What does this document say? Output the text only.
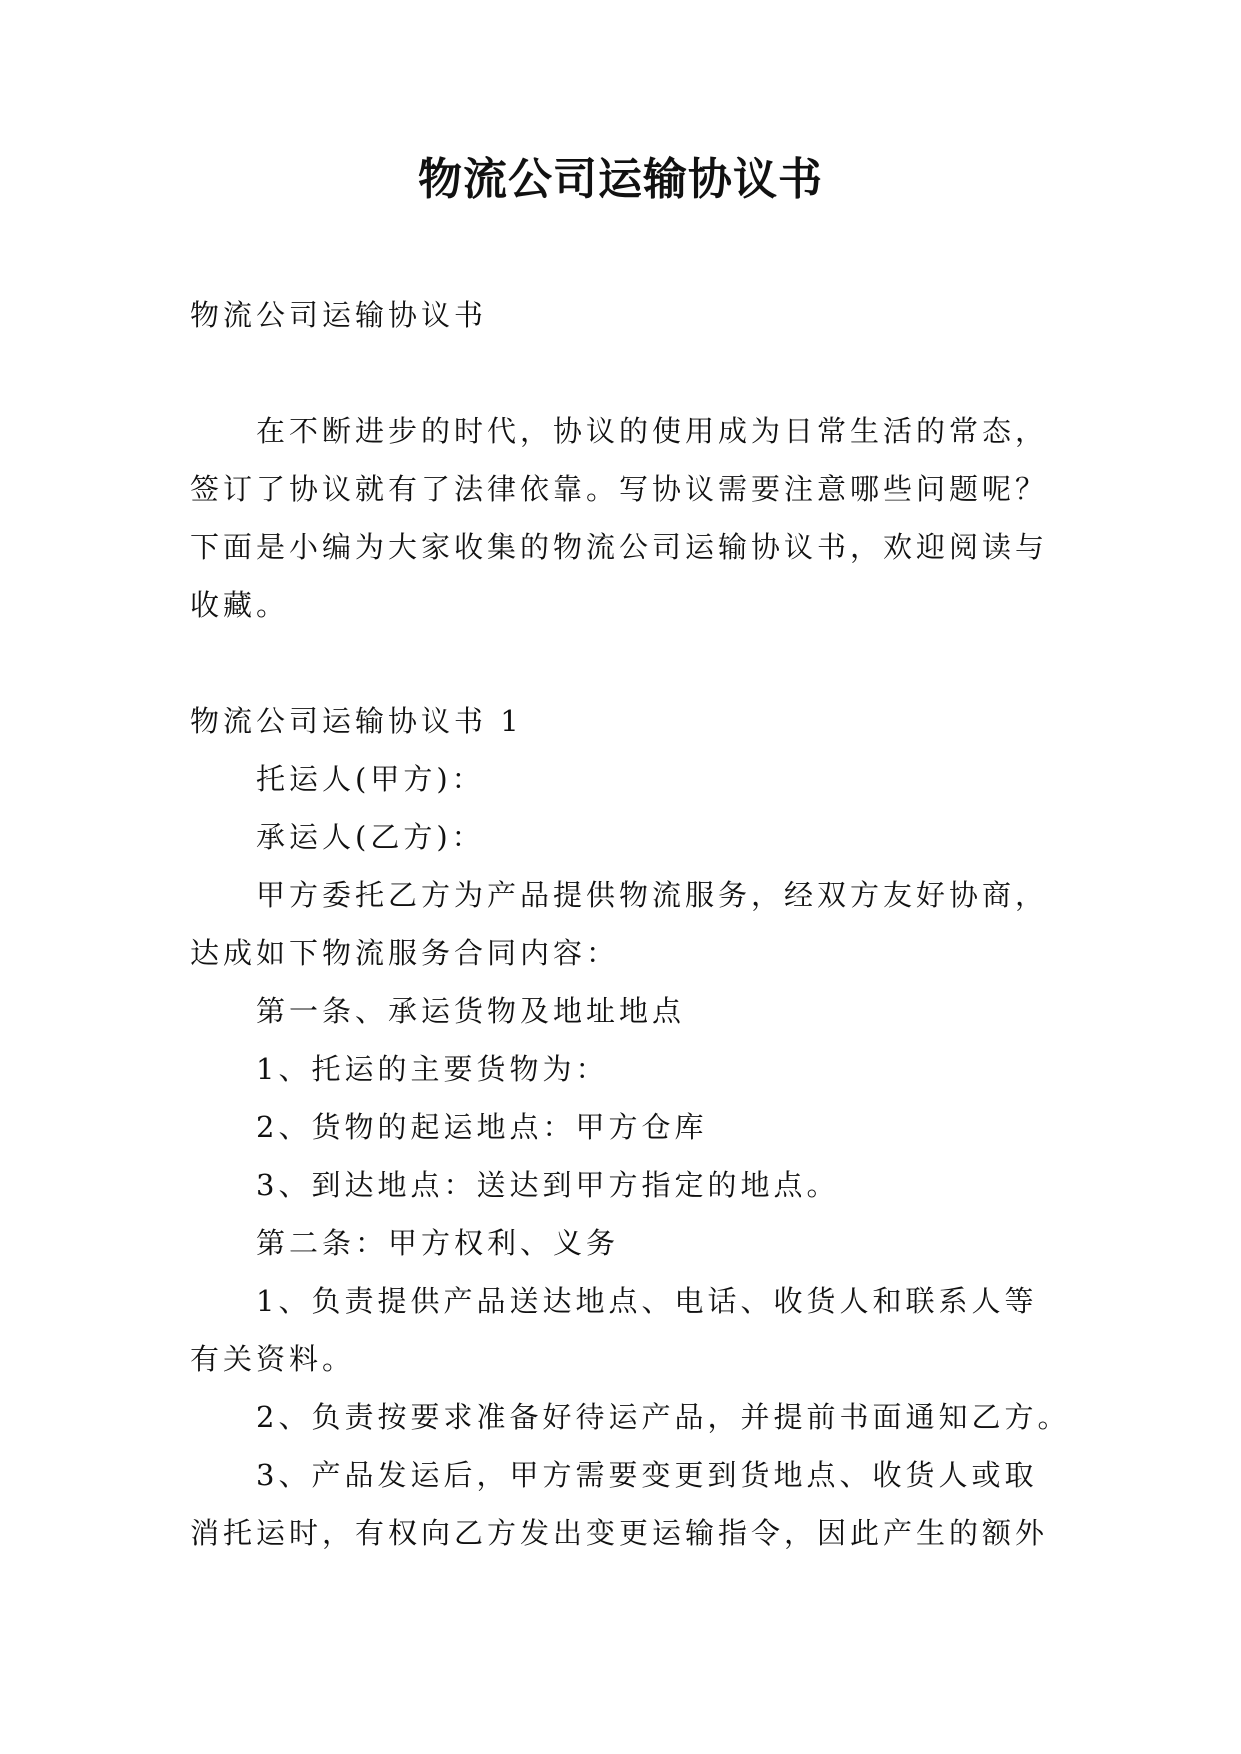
物流公司运输协议书

物流公司运输协议书

在不断进步的时代，协议的使用成为日常生活的常态，
签订了协议就有了法律依靠。写协议需要注意哪些问题呢？
下面是小编为大家收集的物流公司运输协议书，欢迎阅读与
收藏。

物流公司运输协议书 1

托运人(甲方)：

承运人(乙方)：

甲方委托乙方为产品提供物流服务，经双方友好协商，
达成如下物流服务合同内容：

第一条、承运货物及地址地点

1、托运的主要货物为：

2、货物的起运地点：甲方仓库

3、到达地点：送达到甲方指定的地点。

第二条：甲方权利、义务

1、负责提供产品送达地点、电话、收货人和联系人等
有关资料。

2、负责按要求准备好待运产品，并提前书面通知乙方。

3、产品发运后，甲方需要变更到货地点、收货人或取
消托运时，有权向乙方发出变更运输指令，因此产生的额外
